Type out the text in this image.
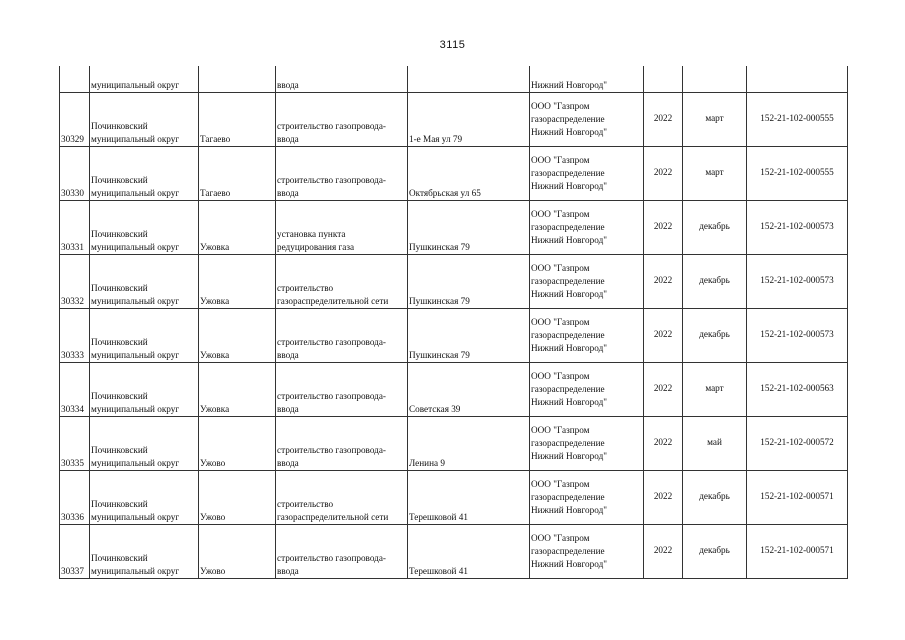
3115
	муниципальный округ		ввода		Нижний Новгород"			
30329	Починковский
муниципальный округ	Тагаево	строительство газопровода-
ввода	1-е Мая ул 79	ООО "Газпром
газораспределение
Нижний Новгород"	2022	март	152-21-102-000555
30330	Починковский
муниципальный округ	Тагаево	строительство газопровода-
ввода	Октябрьская ул 65	ООО "Газпром
газораспределение
Нижний Новгород"	2022	март	152-21-102-000555
30331	Починковский
муниципальный округ	Ужовка	установка пункта
редуцирования газа	Пушкинская 79	ООО "Газпром
газораспределение
Нижний Новгород"	2022	декабрь	152-21-102-000573
30332	Починковский
муниципальный округ	Ужовка	строительство
газораспределительной сети	Пушкинская 79	ООО "Газпром
газораспределение
Нижний Новгород"	2022	декабрь	152-21-102-000573
30333	Починковский
муниципальный округ	Ужовка	строительство газопровода-
ввода	Пушкинская 79	ООО "Газпром
газораспределение
Нижний Новгород"	2022	декабрь	152-21-102-000573
30334	Починковский
муниципальный округ	Ужовка	строительство газопровода-
ввода	Советская 39	ООО "Газпром
газораспределение
Нижний Новгород"	2022	март	152-21-102-000563
30335	Починковский
муниципальный округ	Ужово	строительство газопровода-
ввода	Ленина 9	ООО "Газпром
газораспределение
Нижний Новгород"	2022	май	152-21-102-000572
30336	Починковский
муниципальный округ	Ужово	строительство
газораспределительной сети	Терешковой 41	ООО "Газпром
газораспределение
Нижний Новгород"	2022	декабрь	152-21-102-000571
30337	Починковский
муниципальный округ	Ужово	строительство газопровода-
ввода	Терешковой 41	ООО "Газпром
газораспределение
Нижний Новгород"	2022	декабрь	152-21-102-000571
